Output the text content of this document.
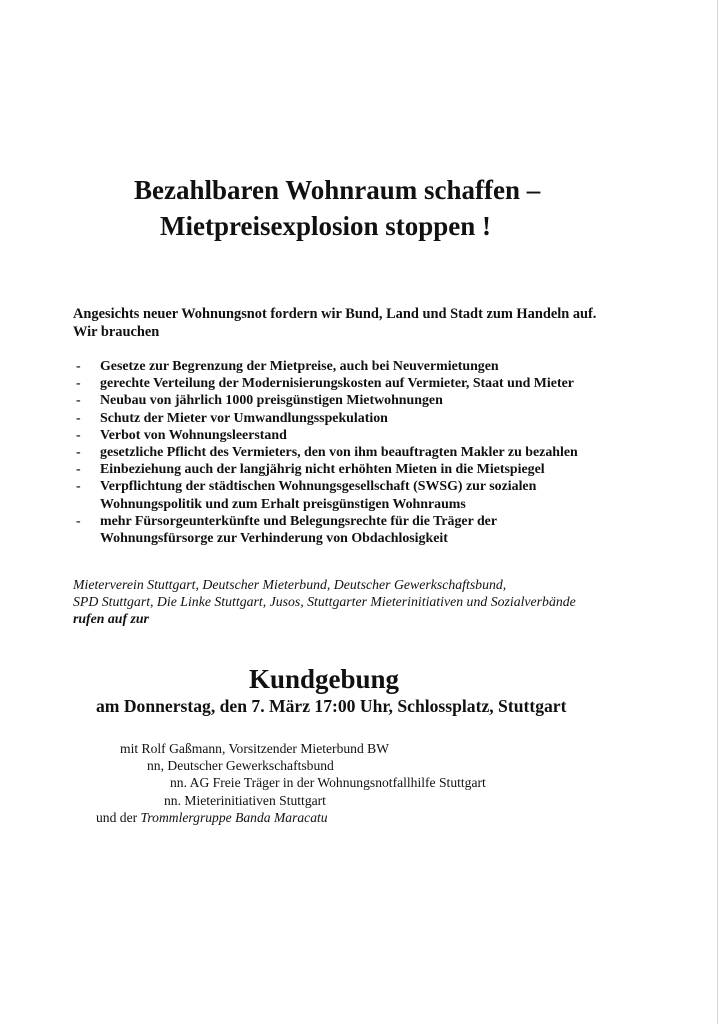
Bezahlbaren Wohnraum schaffen –
Mietpreisexplosion stoppen !
Angesichts neuer Wohnungsnot fordern wir Bund, Land und Stadt zum Handeln auf.
Wir brauchen
- Gesetze zur Begrenzung der Mietpreise, auch bei Neuvermietungen
- gerechte Verteilung der Modernisierungskosten auf Vermieter, Staat und Mieter
- Neubau von jährlich 1000 preisgünstigen Mietwohnungen
- Schutz der Mieter vor Umwandlungsspekulation
- Verbot von Wohnungsleerstand
- gesetzliche Pflicht des Vermieters, den von ihm beauftragten Makler zu bezahlen
- Einbeziehung auch der langjährig nicht erhöhten Mieten in die Mietspiegel
- Verpflichtung der städtischen Wohnungsgesellschaft (SWSG) zur sozialen
Wohnungspolitik und zum Erhalt preisgünstigen Wohnraums
- mehr Fürsorgeunterkünfte und Belegungsrechte für die Träger der
Wohnungsfürsorge zur Verhinderung von Obdachlosigkeit
Mieterverein Stuttgart, Deutscher Mieterbund, Deutscher Gewerkschaftsbund,
SPD Stuttgart, Die Linke Stuttgart, Jusos, Stuttgarter Mieterinitiativen und Sozialverbände
rufen auf zur
Kundgebung
am Donnerstag, den 7. März 17:00 Uhr, Schlossplatz, Stuttgart
mit Rolf Gaßmann, Vorsitzender Mieterbund BW
nn, Deutscher Gewerkschaftsbund
nn. AG Freie Träger in der Wohnungsnotfallhilfe Stuttgart
nn. Mieterinitiativen Stuttgart
und der Trommlergruppe Banda Maracatu
